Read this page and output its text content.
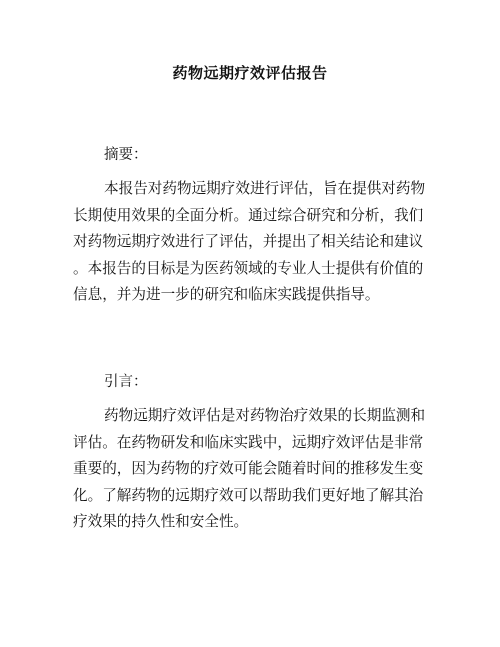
药物远期疗效评估报告
摘要：
本报告对药物远期疗效进行评估，旨在提供对药物
长期使用效果的全面分析。通过综合研究和分析，我们
对药物远期疗效进行了评估，并提出了相关结论和建议
。本报告的目标是为医药领域的专业人士提供有价值的
信息，并为进一步的研究和临床实践提供指导。
引言：
药物远期疗效评估是对药物治疗效果的长期监测和
评估。在药物研发和临床实践中，远期疗效评估是非常
重要的，因为药物的疗效可能会随着时间的推移发生变
化。了解药物的远期疗效可以帮助我们更好地了解其治
疗效果的持久性和安全性。
